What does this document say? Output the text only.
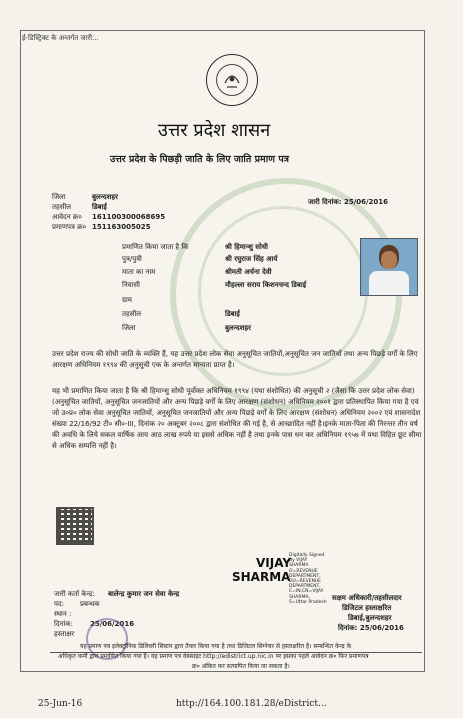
ई-डिस्ट्रिक्ट के अन्तर्गत जारी...
उत्तर प्रदेश शासन
उत्तर प्रदेश के पिछड़ी जाति के लिए जाति प्रमाण पत्र
जिला	बुलन्दशहर
तहसील	डिबाई
आवेदन क्र० 161100300068695
प्रमाणपत्र क्र० 151163005025
जारी दिनांक: 25/06/2016
प्रमाणित किया जाता है कि	श्री हिमान्शु सोधी
पुत्र/पुत्री	श्री रघुराज सिंह आर्य
माता का नाम	श्रीमती अर्चना देवी
निवासी	मौहल्ला सराय किशनचन्द डिबाई
ग्राम
तहसील	डिबाई
जिला	बुलन्दशहर
उत्तर प्रदेश राज्य की सोधी जाति के व्यक्ति हैं, यह उत्तर प्रदेश लोक सेवा अनुसूचित जातियों,अनुसूचित जन जातियों तथा अन्य पिछड़े वर्गों के लिए आरक्षण अधिनियम १९९४ की अनुसूची एक के अन्तर्गत मान्यता प्राप्त है।
यह भी प्रमाणित किया जाता है कि श्री हिमान्शु सोधी पूर्वोक्त अधिनियम १९९४ (यथा संशोधित) की अनुसूची २ (जैसा कि उत्तर प्रदेश लोक सेवा)(अनुसूचित जातियों, अनुसूचित जनजातियों और अन्य पिछड़े वर्गों के लिए आरक्षण (संशोधन) अधिनियम २००१ द्वारा प्रतिस्थापित किया गया है एवं जो उ०प्र० लोक सेवा अनुसूचित जातियों, अनुसूचित जनजातियों और अन्य पिछड़े वर्गों के लिए आरक्षण (संशोधन) अधिनियम २००२ एवं शासनादेश संख्या 22/16/92 टी० सी०-III, दिनांक २० अक्टूबर २००८ द्वारा संशोधित की गई है, से आच्छादित नहीं है।इनके माता-पिता की निरन्तर तीन वर्ष की अवधि के लिये सकल वार्षिक आय आठ लाख रुपये या इससे अधिक नहीं है तथा इनके पास धन कर अधिनियम १९५७ में यथा विहित छूट सीमा से अधिक सम्पत्ति नहीं है।
VIJAY
SHARMA
Digitally Signed
By VIJAY
SHARMA
O=REVENUE
DEPARTMENT,
OU=REVENUE
DEPARTMENT,
C=IN,CN=VIJAY
SHARMA,
S=Uttar Pradesh
सक्षम अधिकारी/तहसीलदार
डिजिटल हस्ताक्षरित
डिबाई,बुलन्दशहर
दिनांक: 25/06/2016
जारी कर्ता केन्द्र: बालेन्द्र कुमार जन सेवा केन्द्र
पद: प्रबन्धक
स्थान :
दिनांक: 25/06/2016
हस्ताक्षर
यह प्रमाण पत्र इलेक्ट्रॉनिक डिलिवरी सिस्टम द्वारा तैयार किया गया है तथा डिजिटल सिग्नेचर से हस्ताक्षरित है। सम्बन्धित केन्द्र के
अधिकृत कर्मी द्वारा प्रमाणित किया गया है। यह प्रमाण पत्र वेबसाइट http://edistrict.up.nic.in पर इसका पहले आवेदन क्र० फिर प्रमाणपत्र
क्र० अंकित कर सत्यापित किया जा सकता है।
25-Jun-16	http://164.100.181.28/eDistrict...
